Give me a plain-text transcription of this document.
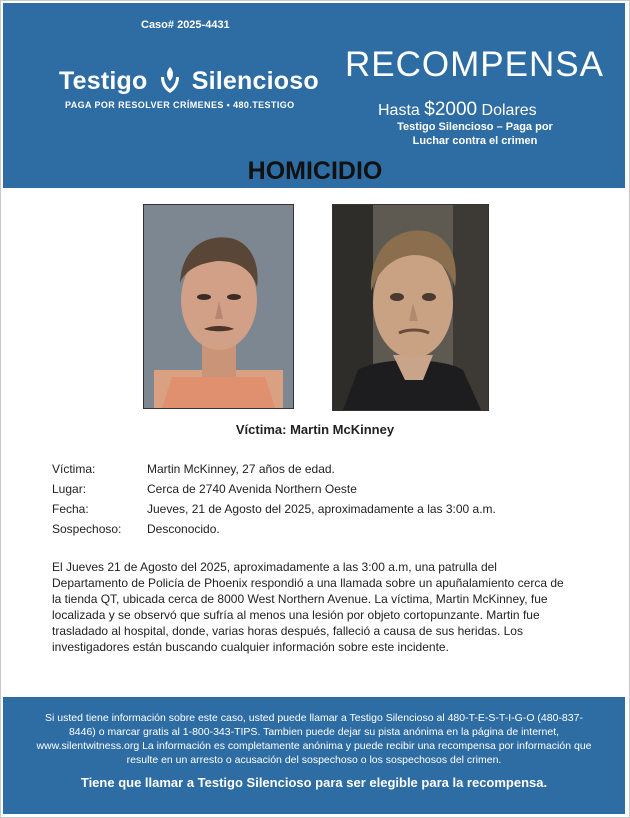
Caso# 2025-4431
Testigo Silencioso
PAGA POR RESOLVER CRÍMENES • 480.TESTIGO
RECOMPENSA
Hasta $2000 Dolares
Testigo Silencioso – Paga por Luchar contra el crimen
HOMICIDIO
Víctima: Martin McKinney
Víctima:	Martin McKinney, 27 años de edad.
Lugar:	Cerca de 2740 Avenida Northern Oeste
Fecha:	Jueves, 21 de Agosto del 2025, aproximadamente a las 3:00 a.m.
Sospechoso: Desconocido.
El Jueves 21 de Agosto del 2025, aproximadamente a las 3:00 a.m, una patrulla del Departamento de Policía de Phoenix respondió a una llamada sobre un apuñalamiento cerca de la tienda QT, ubicada cerca de 8000 West Northern Avenue. La víctima, Martin McKinney, fue localizada y se observó que sufría al menos una lesión por objeto cortopunzante. Martin fue trasladado al hospital, donde, varias horas después, falleció a causa de sus heridas. Los investigadores están buscando cualquier información sobre este incidente.
Si usted tiene información sobre este caso, usted puede llamar a Testigo Silencioso al 480-T-E-S-T-I-G-O (480-837-8446) o marcar gratis al 1-800-343-TIPS. Tambien puede dejar su pista anónima en la página de internet, www.silentwitness.org La información es completamente anónima y puede recibir una recompensa por información que resulte en un arresto o acusación del sospechoso o los sospechosos del crimen.
Tiene que llamar a Testigo Silencioso para ser elegible para la recompensa.
